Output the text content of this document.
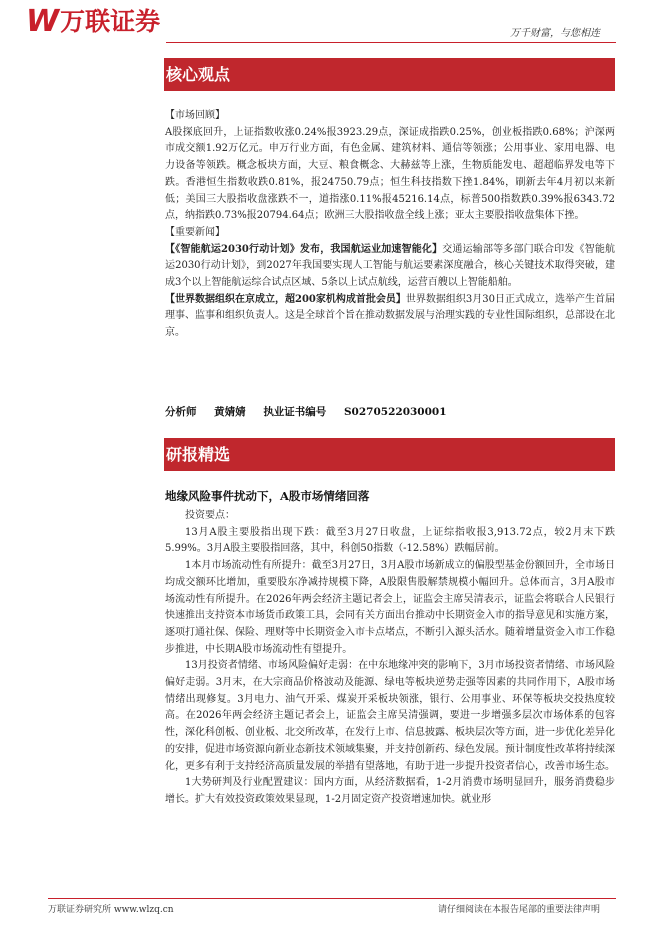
W 万联证券	万千财富，与您相连
核心观点

【市场回顾】

A股探底回升，上证指数收涨0.24%报3923.29点，深证成指跌0.25%，创业板指跌0.68%；沪深两市成交额1.92万亿元。申万行业方面，有色金属、建筑材料、通信等领涨；公用事业、家用电器、电力设备等领跌。概念板块方面，大豆、粮食概念、大赫兹等上涨，生物质能发电、超超临界发电等下跌。香港恒生指数收跌0.81%，报24750.79点；恒生科技指数下挫1.84%，刷新去年4月初以来新低；美国三大股指收盘涨跌不一，道指涨0.11%报45216.14点，标普500指数跌0.39%报6343.72点，纳指跌0.73%报20794.64点；欧洲三大股指收盘全线上涨；亚太主要股指收盘集体下挫。

【重要新闻】

【《智能航运2030行动计划》发布，我国航运业加速智能化】交通运输部等多部门联合印发《智能航运2030行动计划》，到2027年我国要实现人工智能与航运要素深度融合，核心关键技术取得突破，建成3个以上智能航运综合试点区域、5条以上试点航线，运营百艘以上智能船舶。

【世界数据组织在京成立，超200家机构成首批会员】世界数据组织3月30日正式成立，选举产生首届理事、监事和组织负责人。这是全球首个旨在推动数据发展与治理实践的专业性国际组织，总部设在北京。

分析师 黄婧婧 执业证书编号 S0270522030001
研报精选
地缘风险事件扰动下，A股市场情绪回落

投资要点：

13月A股主要股指出现下跌：截至3月27日收盘，上证综指收报3,913.72点，较2月末下跌5.99%。3月A股主要股指回落，其中，科创50指数（-12.58%）跌幅居前。

1本月市场流动性有所提升：截至3月27日，3月A股市场新成立的偏股型基金份额回升，全市场日均成交额环比增加，重要股东净减持规模下降，A股限售股解禁规模小幅回升。总体而言，3月A股市场流动性有所提升。在2026年两会经济主题记者会上，证监会主席吴清表示，证监会将联合人民银行快速推出支持资本市场货币政策工具，会同有关方面出台推动中长期资金入市的指导意见和实施方案，逐项打通社保、保险、理财等中长期资金入市卡点堵点，不断引入源头活水。随着增量资金入市工作稳步推进，中长期A股市场流动性有望提升。

13月投资者情绪、市场风险偏好走弱：在中东地缘冲突的影响下，3月市场投资者情绪、市场风险偏好走弱。3月末，在大宗商品价格波动及能源、绿电等板块逆势走强等因素的共同作用下，A股市场情绪出现修复。3月电力、油气开采、煤炭开采板块领涨，银行、公用事业、环保等板块交投热度较高。在2026年两会经济主题记者会上，证监会主席吴清强调，要进一步增强多层次市场体系的包容性，深化科创板、创业板、北交所改革，在发行上市、信息披露、板块层次等方面，进一步优化差异化的安排，促进市场资源向新业态新技术领域集聚，并支持创新药、绿色发展。预计制度性改革将持续深化，更多有利于支持经济高质量发展的举措有望落地，有助于进一步提升投资者信心，改善市场生态。

1大势研判及行业配置建议：国内方面，从经济数据看，1-2月消费市场明显回升，服务消费稳步增长。扩大有效投资政策效果显现，1-2月固定资产投资增速加快。就业形

万联证券研究所 www.wlzq.cn	请仔细阅读在本报告尾部的重要法律声明
